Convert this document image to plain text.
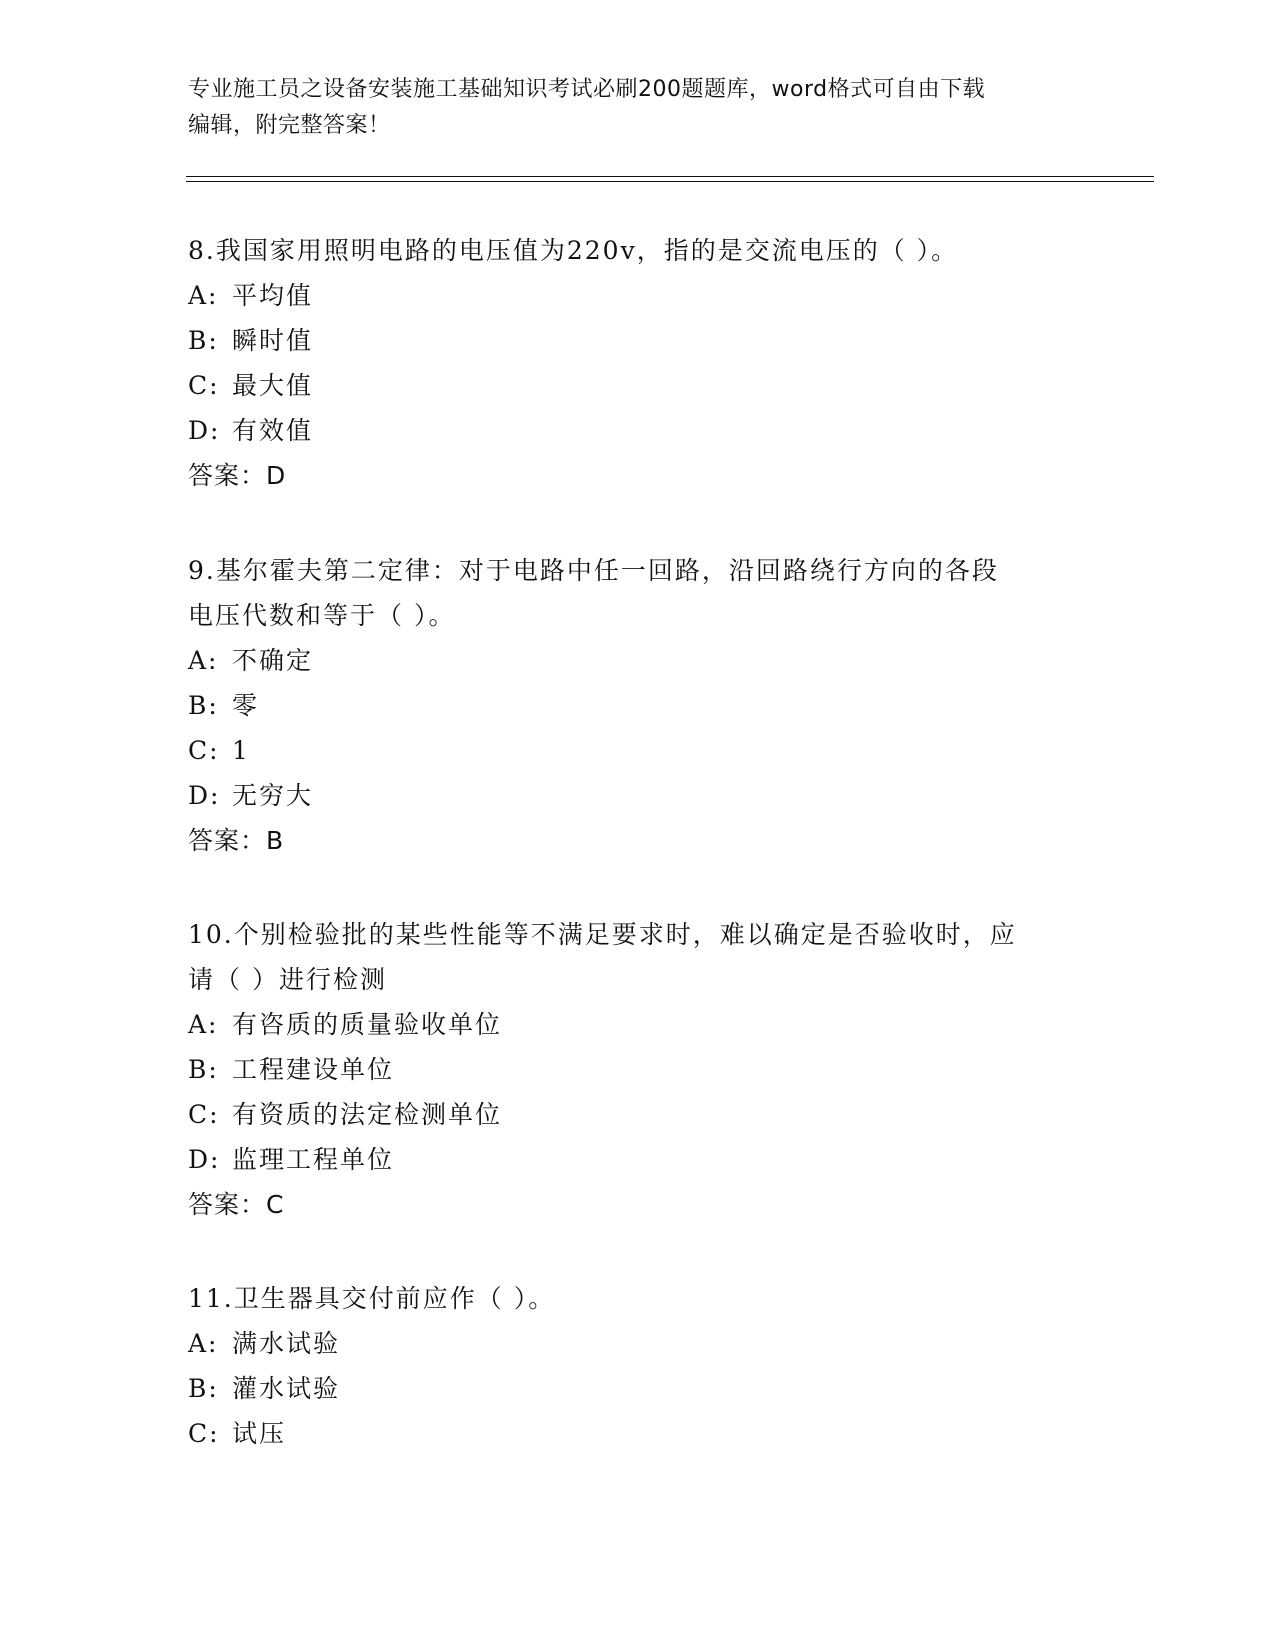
专业施工员之设备安装施工基础知识考试必刷200题题库，word格式可自由下载
编辑，附完整答案！
8.我国家用照明电路的电压值为220v，指的是交流电压的（ ）。
A: 平均值
B: 瞬时值
C: 最大值
D: 有效值
答案：D
9.基尔霍夫第二定律：对于电路中任一回路，沿回路绕行方向的各段
电压代数和等于（ ）。
A: 不确定
B: 零
C: 1
D: 无穷大
答案：B
10.个别检验批的某些性能等不满足要求时，难以确定是否验收时，应
请（ ）进行检测
A: 有咨质的质量验收单位
B: 工程建设单位
C: 有资质的法定检测单位
D: 监理工程单位
答案：C
11.卫生器具交付前应作（ ）。
A: 满水试验
B: 灌水试验
C: 试压
